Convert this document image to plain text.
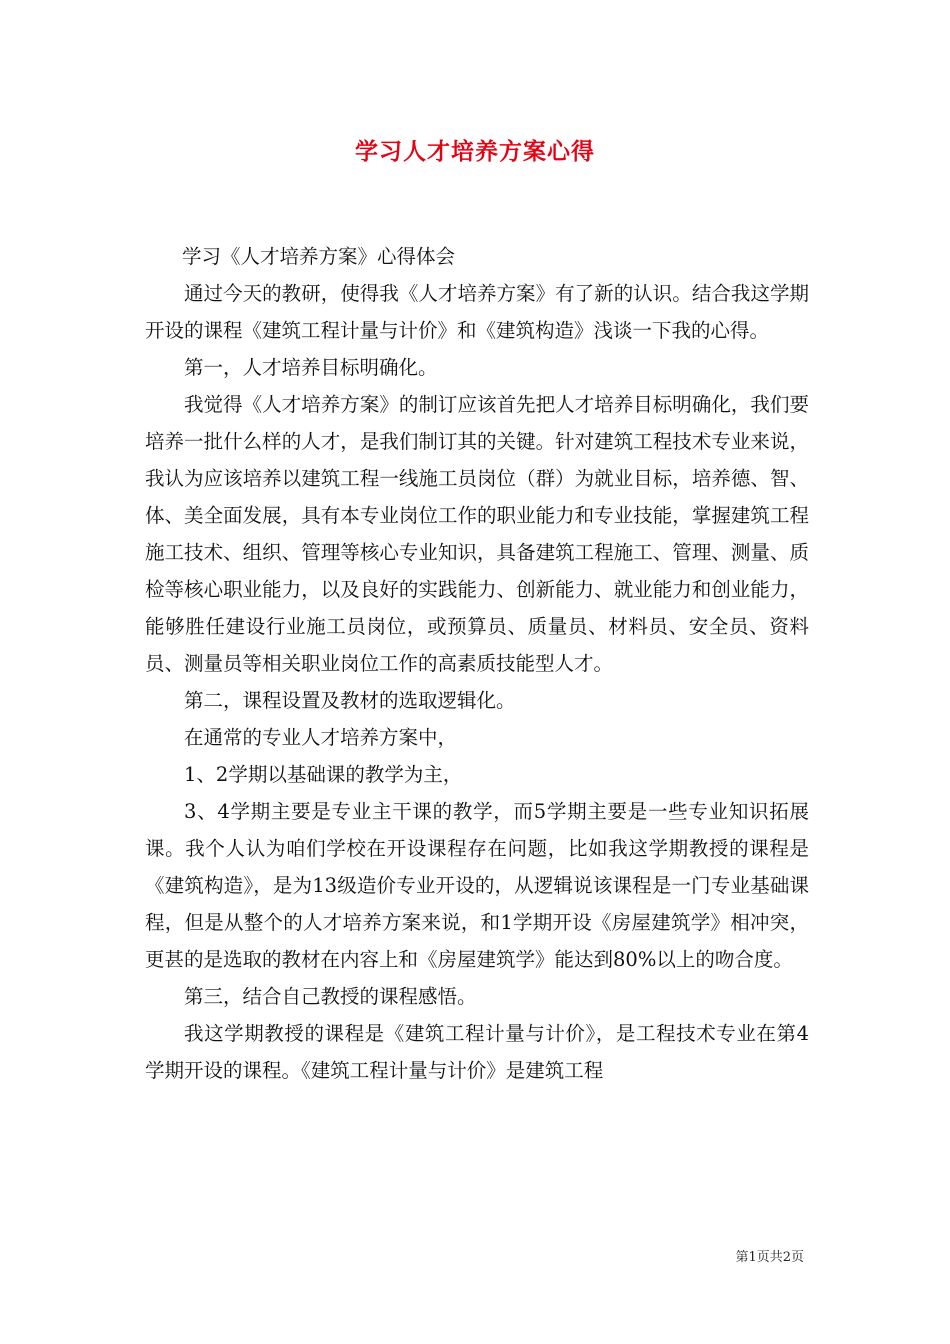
学习人才培养方案心得

学习《人才培养方案》心得体会

通过今天的教研，使得我《人才培养方案》有了新的认识。结合我这学期开设的课程《建筑工程计量与计价》和《建筑构造》浅谈一下我的心得。

第一，人才培养目标明确化。

我觉得《人才培养方案》的制订应该首先把人才培养目标明确化，我们要培养一批什么样的人才，是我们制订其的关键。针对建筑工程技术专业来说，我认为应该培养以建筑工程一线施工员岗位（群）为就业目标，培养德、智、体、美全面发展，具有本专业岗位工作的职业能力和专业技能，掌握建筑工程施工技术、组织、管理等核心专业知识，具备建筑工程施工、管理、测量、质检等核心职业能力，以及良好的实践能力、创新能力、就业能力和创业能力，能够胜任建设行业施工员岗位，或预算员、质量员、材料员、安全员、资料员、测量员等相关职业岗位工作的高素质技能型人才。

第二，课程设置及教材的选取逻辑化。

在通常的专业人才培养方案中，

1、2学期以基础课的教学为主，

3、4学期主要是专业主干课的教学，而5学期主要是一些专业知识拓展课。我个人认为咱们学校在开设课程存在问题，比如我这学期教授的课程是《建筑构造》，是为13级造价专业开设的，从逻辑说该课程是一门专业基础课程，但是从整个的人才培养方案来说，和1学期开设《房屋建筑学》相冲突，更甚的是选取的教材在内容上和《房屋建筑学》能达到80%以上的吻合度。

第三，结合自己教授的课程感悟。

我这学期教授的课程是《建筑工程计量与计价》，是工程技术专业在第4学期开设的课程。《建筑工程计量与计价》是建筑工程

第1页共2页
